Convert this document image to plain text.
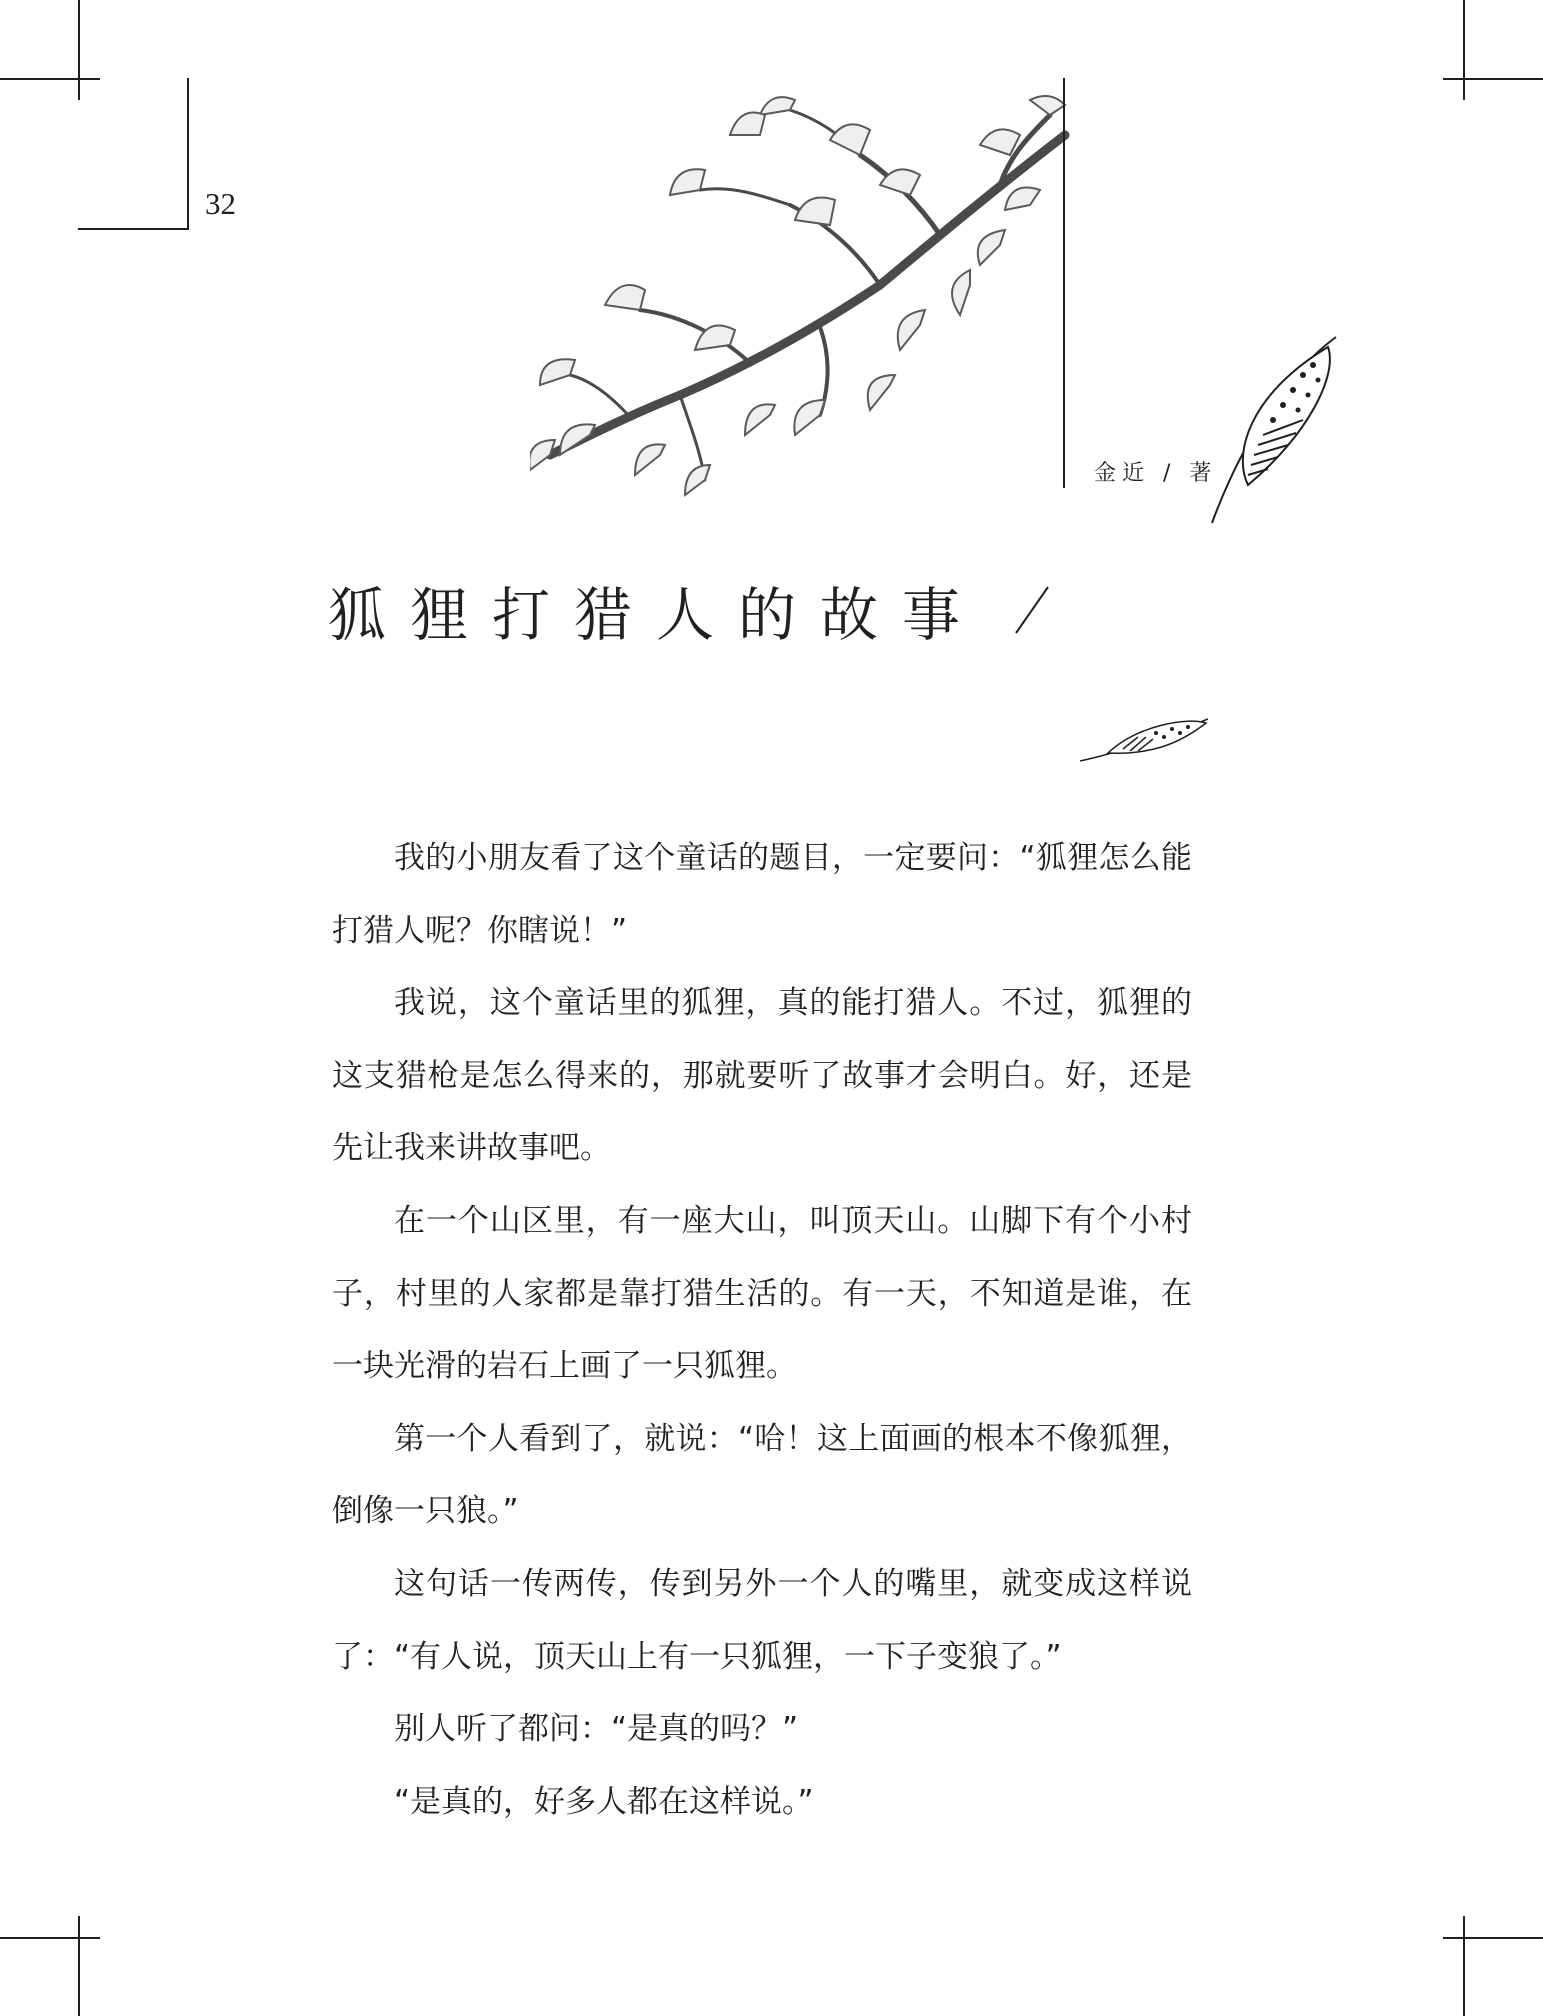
32
金近 / 著
狐狸打猎人的故事

我的小朋友看了这个童话的题目，一定要问：“狐狸怎么能打猎人呢？你瞎说！”

我说，这个童话里的狐狸，真的能打猎人。不过，狐狸的这支猎枪是怎么得来的，那就要听了故事才会明白。好，还是先让我来讲故事吧。

在一个山区里，有一座大山，叫顶天山。山脚下有个小村子，村里的人家都是靠打猎生活的。有一天，不知道是谁，在一块光滑的岩石上画了一只狐狸。

第一个人看到了，就说：“哈！这上面画的根本不像狐狸，倒像一只狼。”

这句话一传两传，传到另外一个人的嘴里，就变成这样说了：“有人说，顶天山上有一只狐狸，一下子变狼了。”

别人听了都问：“是真的吗？”

“是真的，好多人都在这样说。”
